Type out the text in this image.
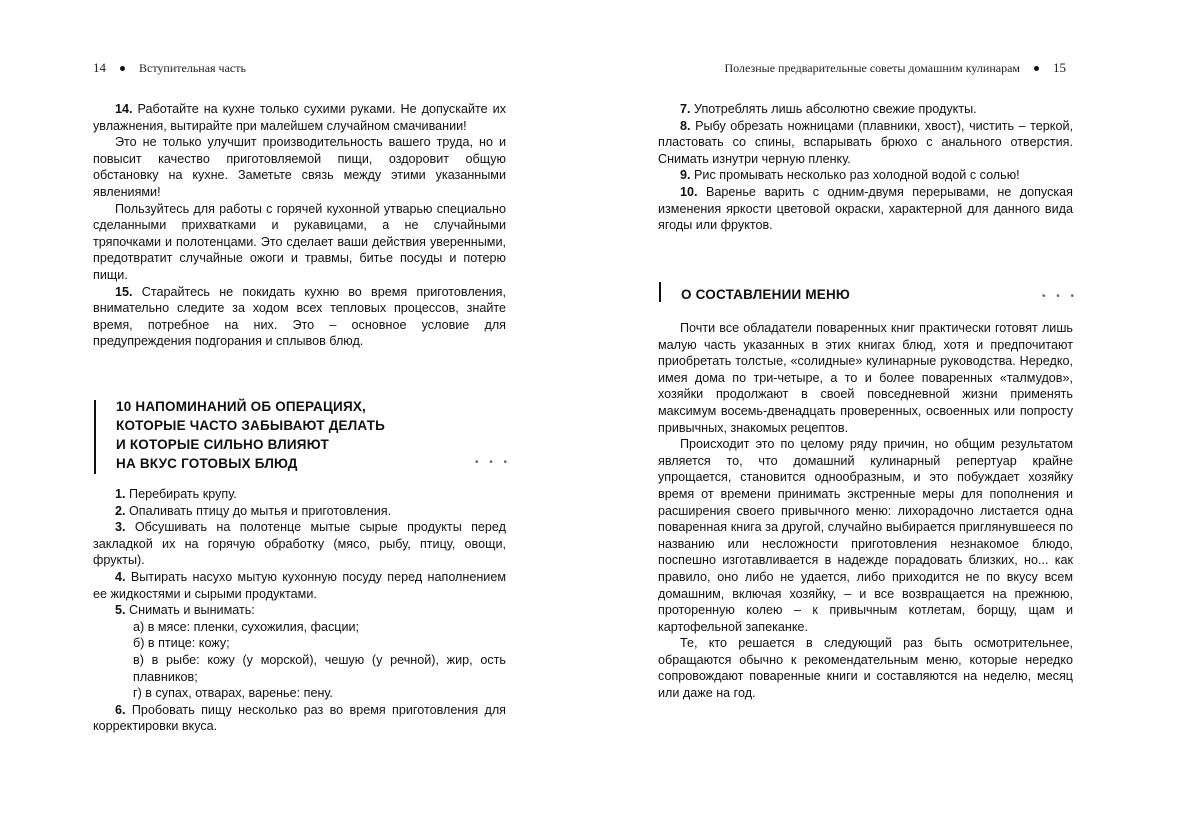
14	Вступительная часть

14. Работайте на кухне только сухими руками. Не допускайте их увлажнения, вытирайте при малейшем случайном смачивании!

Это не только улучшит производительность вашего труда, но и повысит качество приготовляемой пищи, оздоровит общую обстановку на кухне. Заметьте связь между этими указанными явлениями!

Пользуйтесь для работы с горячей кухонной утварью специально сделанными прихватками и рукавицами, а не случайными тряпочками и полотенцами. Это сделает ваши действия уверенными, предотвратит случайные ожоги и травмы, битье посуды и потерю пищи.

15. Старайтесь не покидать кухню во время приготовления, внимательно следите за ходом всех тепловых процессов, знайте время, потребное на них. Это – основное условие для предупреждения подгорания и сплывов блюд.

10 НАПОМИНАНИЙ ОБ ОПЕРАЦИЯХ,
КОТОРЫЕ ЧАСТО ЗАБЫВАЮТ ДЕЛАТЬ
И КОТОРЫЕ СИЛЬНО ВЛИЯЮТ
НА ВКУС ГОТОВЫХ БЛЮД	• • •

1. Перебирать крупу.

2. Опаливать птицу до мытья и приготовления.

3. Обсушивать на полотенце мытые сырые продукты перед закладкой их на горячую обработку (мясо, рыбу, птицу, овощи, фрукты).

4. Вытирать насухо мытую кухонную посуду перед наполнением ее жидкостями и сырыми продуктами.

5. Снимать и вынимать:

а) в мясе: пленки, сухожилия, фасции;

б) в птице: кожу;

в) в рыбе: кожу (у морской), чешую (у речной), жир, ость плавников;

г) в супах, отварах, варенье: пену.

6. Пробовать пищу несколько раз во время приготовления для корректировки вкуса.

Полезные предварительные советы домашним кулинарам	15

7. Употреблять лишь абсолютно свежие продукты.

8. Рыбу обрезать ножницами (плавники, хвост), чистить – теркой, пластовать со спины, вспарывать брюхо с анального отверстия. Снимать изнутри черную пленку.

9. Рис промывать несколько раз холодной водой с солью!

10. Варенье варить с одним-двумя перерывами, не допуская изменения яркости цветовой окраски, характерной для данного вида ягоды или фруктов.

О СОСТАВЛЕНИИ МЕНЮ	• • •

Почти все обладатели поваренных книг практически готовят лишь малую часть указанных в этих книгах блюд, хотя и предпочитают приобретать толстые, «солидные» кулинарные руководства. Нередко, имея дома по три-четыре, а то и более поваренных «талмудов», хозяйки продолжают в своей повседневной жизни применять максимум восемь-двенадцать проверенных, освоенных или попросту привычных, знакомых рецептов.

Происходит это по целому ряду причин, но общим результатом является то, что домашний кулинарный репертуар крайне упрощается, становится однообразным, и это побуждает хозяйку время от времени принимать экстренные меры для пополнения и расширения своего привычного меню: лихорадочно листается одна поваренная книга за другой, случайно выбирается приглянувшееся по названию или несложности приготовления незнакомое блюдо, поспешно изготавливается в надежде порадовать близких, но... как правило, оно либо не удается, либо приходится не по вкусу всем домашним, включая хозяйку, – и все возвращается на прежнюю, проторенную колею – к привычным котлетам, борщу, щам и картофельной запеканке.

Те, кто решается в следующий раз быть осмотрительнее, обращаются обычно к рекомендательным меню, которые нередко сопровождают поваренные книги и составляются на неделю, месяц или даже на год.
